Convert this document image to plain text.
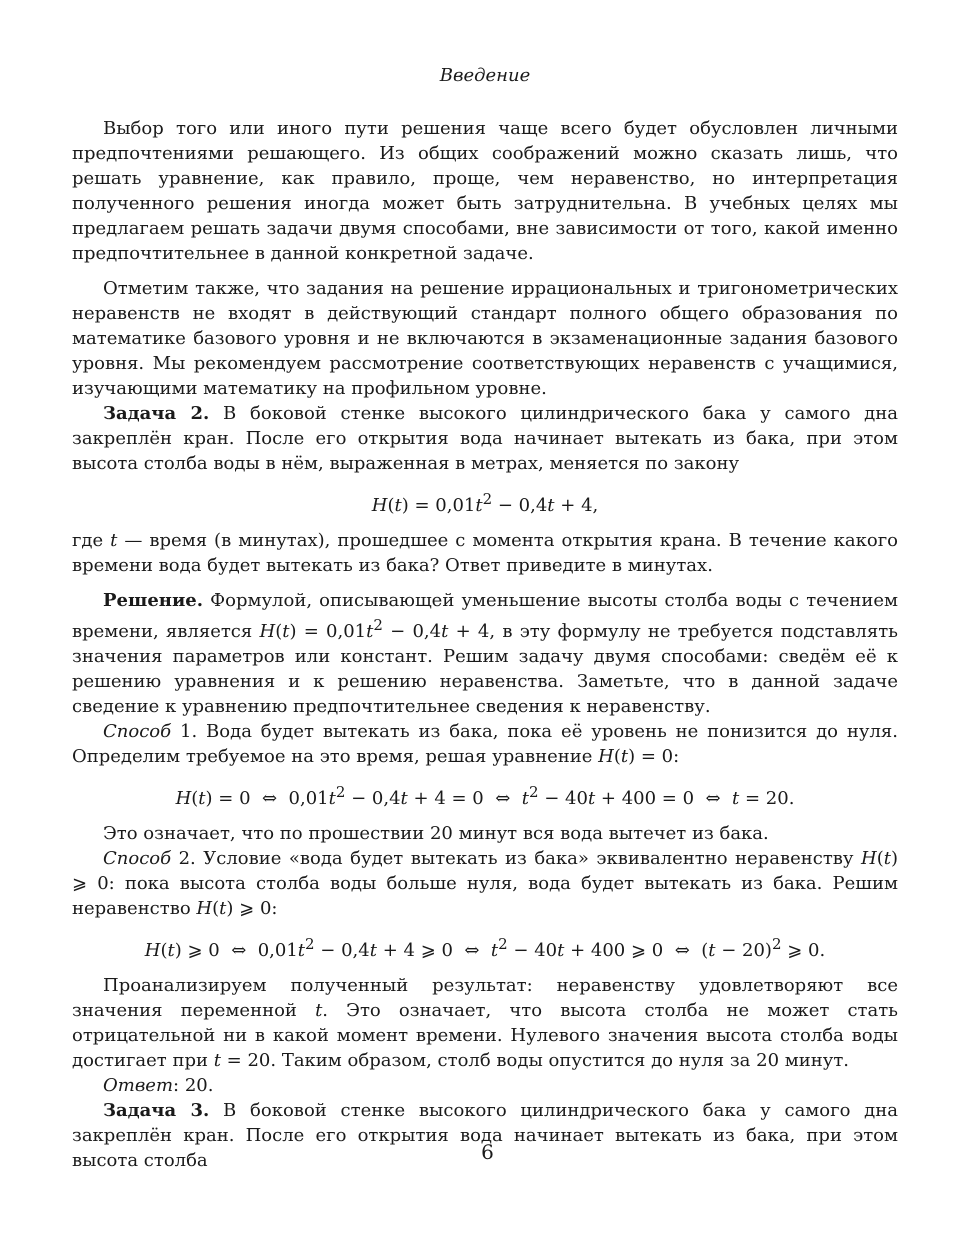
Введение

Выбор того или иного пути решения чаще всего будет обусловлен личными предпочтениями решающего. Из общих соображений можно сказать лишь, что решать уравнение, как правило, проще, чем неравенство, но интерпретация полученного решения иногда может быть затруднительна. В учебных целях мы предлагаем решать задачи двумя способами, вне зависимости от того, какой именно предпочтительнее в данной конкретной задаче.

Отметим также, что задания на решение иррациональных и тригонометрических неравенств не входят в действующий стандарт полного общего образования по математике базового уровня и не включаются в экзаменационные задания базового уровня. Мы рекомендуем рассмотрение соответствующих неравенств с учащимися, изучающими математику на профильном уровне.

Задача 2. В боковой стенке высокого цилиндрического бака у самого дна закреплён кран. После его открытия вода начинает вытекать из бака, при этом высота столба воды в нём, выраженная в метрах, меняется по закону

$H(t) = 0,01t^2 - 0,4t + 4$,

где t — время (в минутах), прошедшее с момента открытия крана. В течение какого времени вода будет вытекать из бака? Ответ приведите в минутах.

Решение. Формулой, описывающей уменьшение высоты столба воды с течением времени, является $H(t) = 0,01t^2 - 0,4t + 4$, в эту формулу не требуется подставлять значения параметров или констант. Решим задачу двумя способами: сведём её к решению уравнения и к решению неравенства. Заметьте, что в данной задаче сведение к уравнению предпочтительнее сведения к неравенству.

Способ 1. Вода будет вытекать из бака, пока её уровень не понизится до нуля. Определим требуемое на это время, решая уравнение H(t) = 0:

H(t) = 0  ⇔  $0,01t^2 - 0,4t + 4 = 0$  ⇔  $t^2 - 40t + 400 = 0$  ⇔  t = 20.

Это означает, что по прошествии 20 минут вся вода вытечет из бака.

Способ 2. Условие «вода будет вытекать из бака» эквивалентно неравенству H(t) ⩾ 0: пока высота столба воды больше нуля, вода будет вытекать из бака. Решим неравенство H(t) ⩾ 0:

H(t) ⩾ 0  ⇔  $0,01t^2 - 0,4t + 4$ ⩾ 0  ⇔  $t^2 - 40t + 400$ ⩾ 0  ⇔  $(t - 20)^2$ ⩾ 0.

Проанализируем полученный результат: неравенству удовлетворяют все значения переменной t. Это означает, что высота столба не может стать отрицательной ни в какой момент времени. Нулевого значения высота столба воды достигает при t = 20. Таким образом, столб воды опустится до нуля за 20 минут.

Ответ: 20.

Задача 3. В боковой стенке высокого цилиндрического бака у самого дна закреплён кран. После его открытия вода начинает вытекать из бака, при этом высота столба	6
